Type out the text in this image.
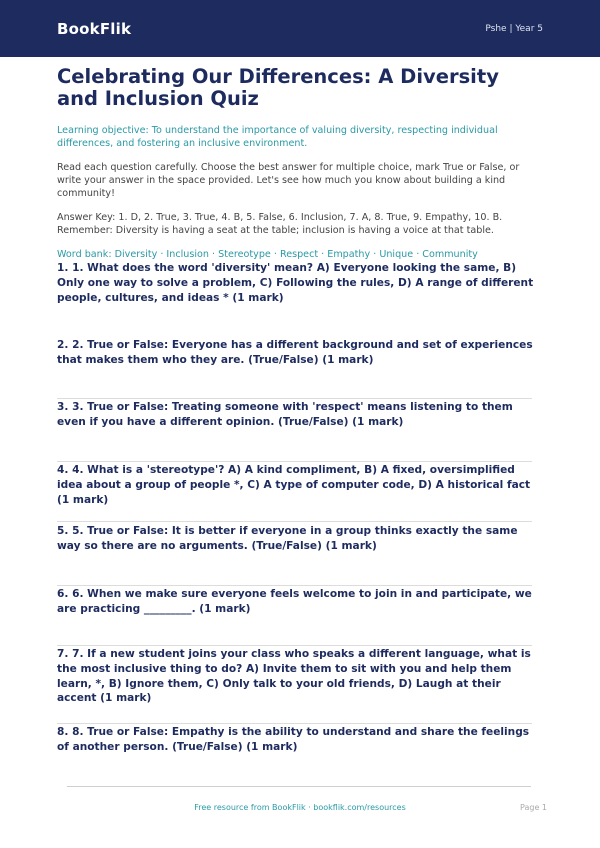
BookFlik	Pshe | Year 5
Celebrating Our Differences: A Diversity and Inclusion Quiz

Learning objective: To understand the importance of valuing diversity, respecting individual differences, and fostering an inclusive environment.

Read each question carefully. Choose the best answer for multiple choice, mark True or False, or write your answer in the space provided. Let's see how much you know about building a kind community!

Answer Key: 1. D, 2. True, 3. True, 4. B, 5. False, 6. Inclusion, 7. A, 8. True, 9. Empathy, 10. B. Remember: Diversity is having a seat at the table; inclusion is having a voice at that table.

Word bank: Diversity · Inclusion · Stereotype · Respect · Empathy · Unique · Community

1. 1. What does the word 'diversity' mean? A) Everyone looking the same, B) Only one way to solve a problem, C) Following the rules, D) A range of different people, cultures, and ideas * (1 mark)
2. 2. True or False: Everyone has a different background and set of experiences that makes them who they are. (True/False) (1 mark)
3. 3. True or False: Treating someone with 'respect' means listening to them even if you have a different opinion. (True/False) (1 mark)
4. 4. What is a 'stereotype'? A) A kind compliment, B) A fixed, oversimplified idea about a group of people *, C) A type of computer code, D) A historical fact (1 mark)
5. 5. True or False: It is better if everyone in a group thinks exactly the same way so there are no arguments. (True/False) (1 mark)
6. 6. When we make sure everyone feels welcome to join in and participate, we are practicing _________. (1 mark)
7. 7. If a new student joins your class who speaks a different language, what is the most inclusive thing to do? A) Invite them to sit with you and help them learn, *, B) Ignore them, C) Only talk to your old friends, D) Laugh at their accent (1 mark)
8. 8. True or False: Empathy is the ability to understand and share the feelings of another person. (True/False) (1 mark)
Free resource from BookFlik · bookflik.com/resources	Page 1
